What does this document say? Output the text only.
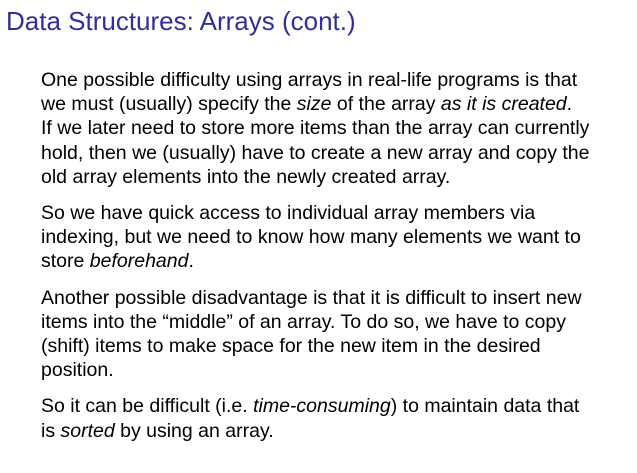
Data Structures: Arrays (cont.)

One possible difficulty using arrays in real-life programs is that
we must (usually) specify the size of the array as it is created.
If we later need to store more items than the array can currently
hold, then we (usually) have to create a new array and copy the
old array elements into the newly created array.

So we have quick access to individual array members via
indexing, but we need to know how many elements we want to
store beforehand.

Another possible disadvantage is that it is difficult to insert new
items into the “middle” of an array. To do so, we have to copy
(shift) items to make space for the new item in the desired
position.

So it can be difficult (i.e. time-consuming) to maintain data that
is sorted by using an array.
